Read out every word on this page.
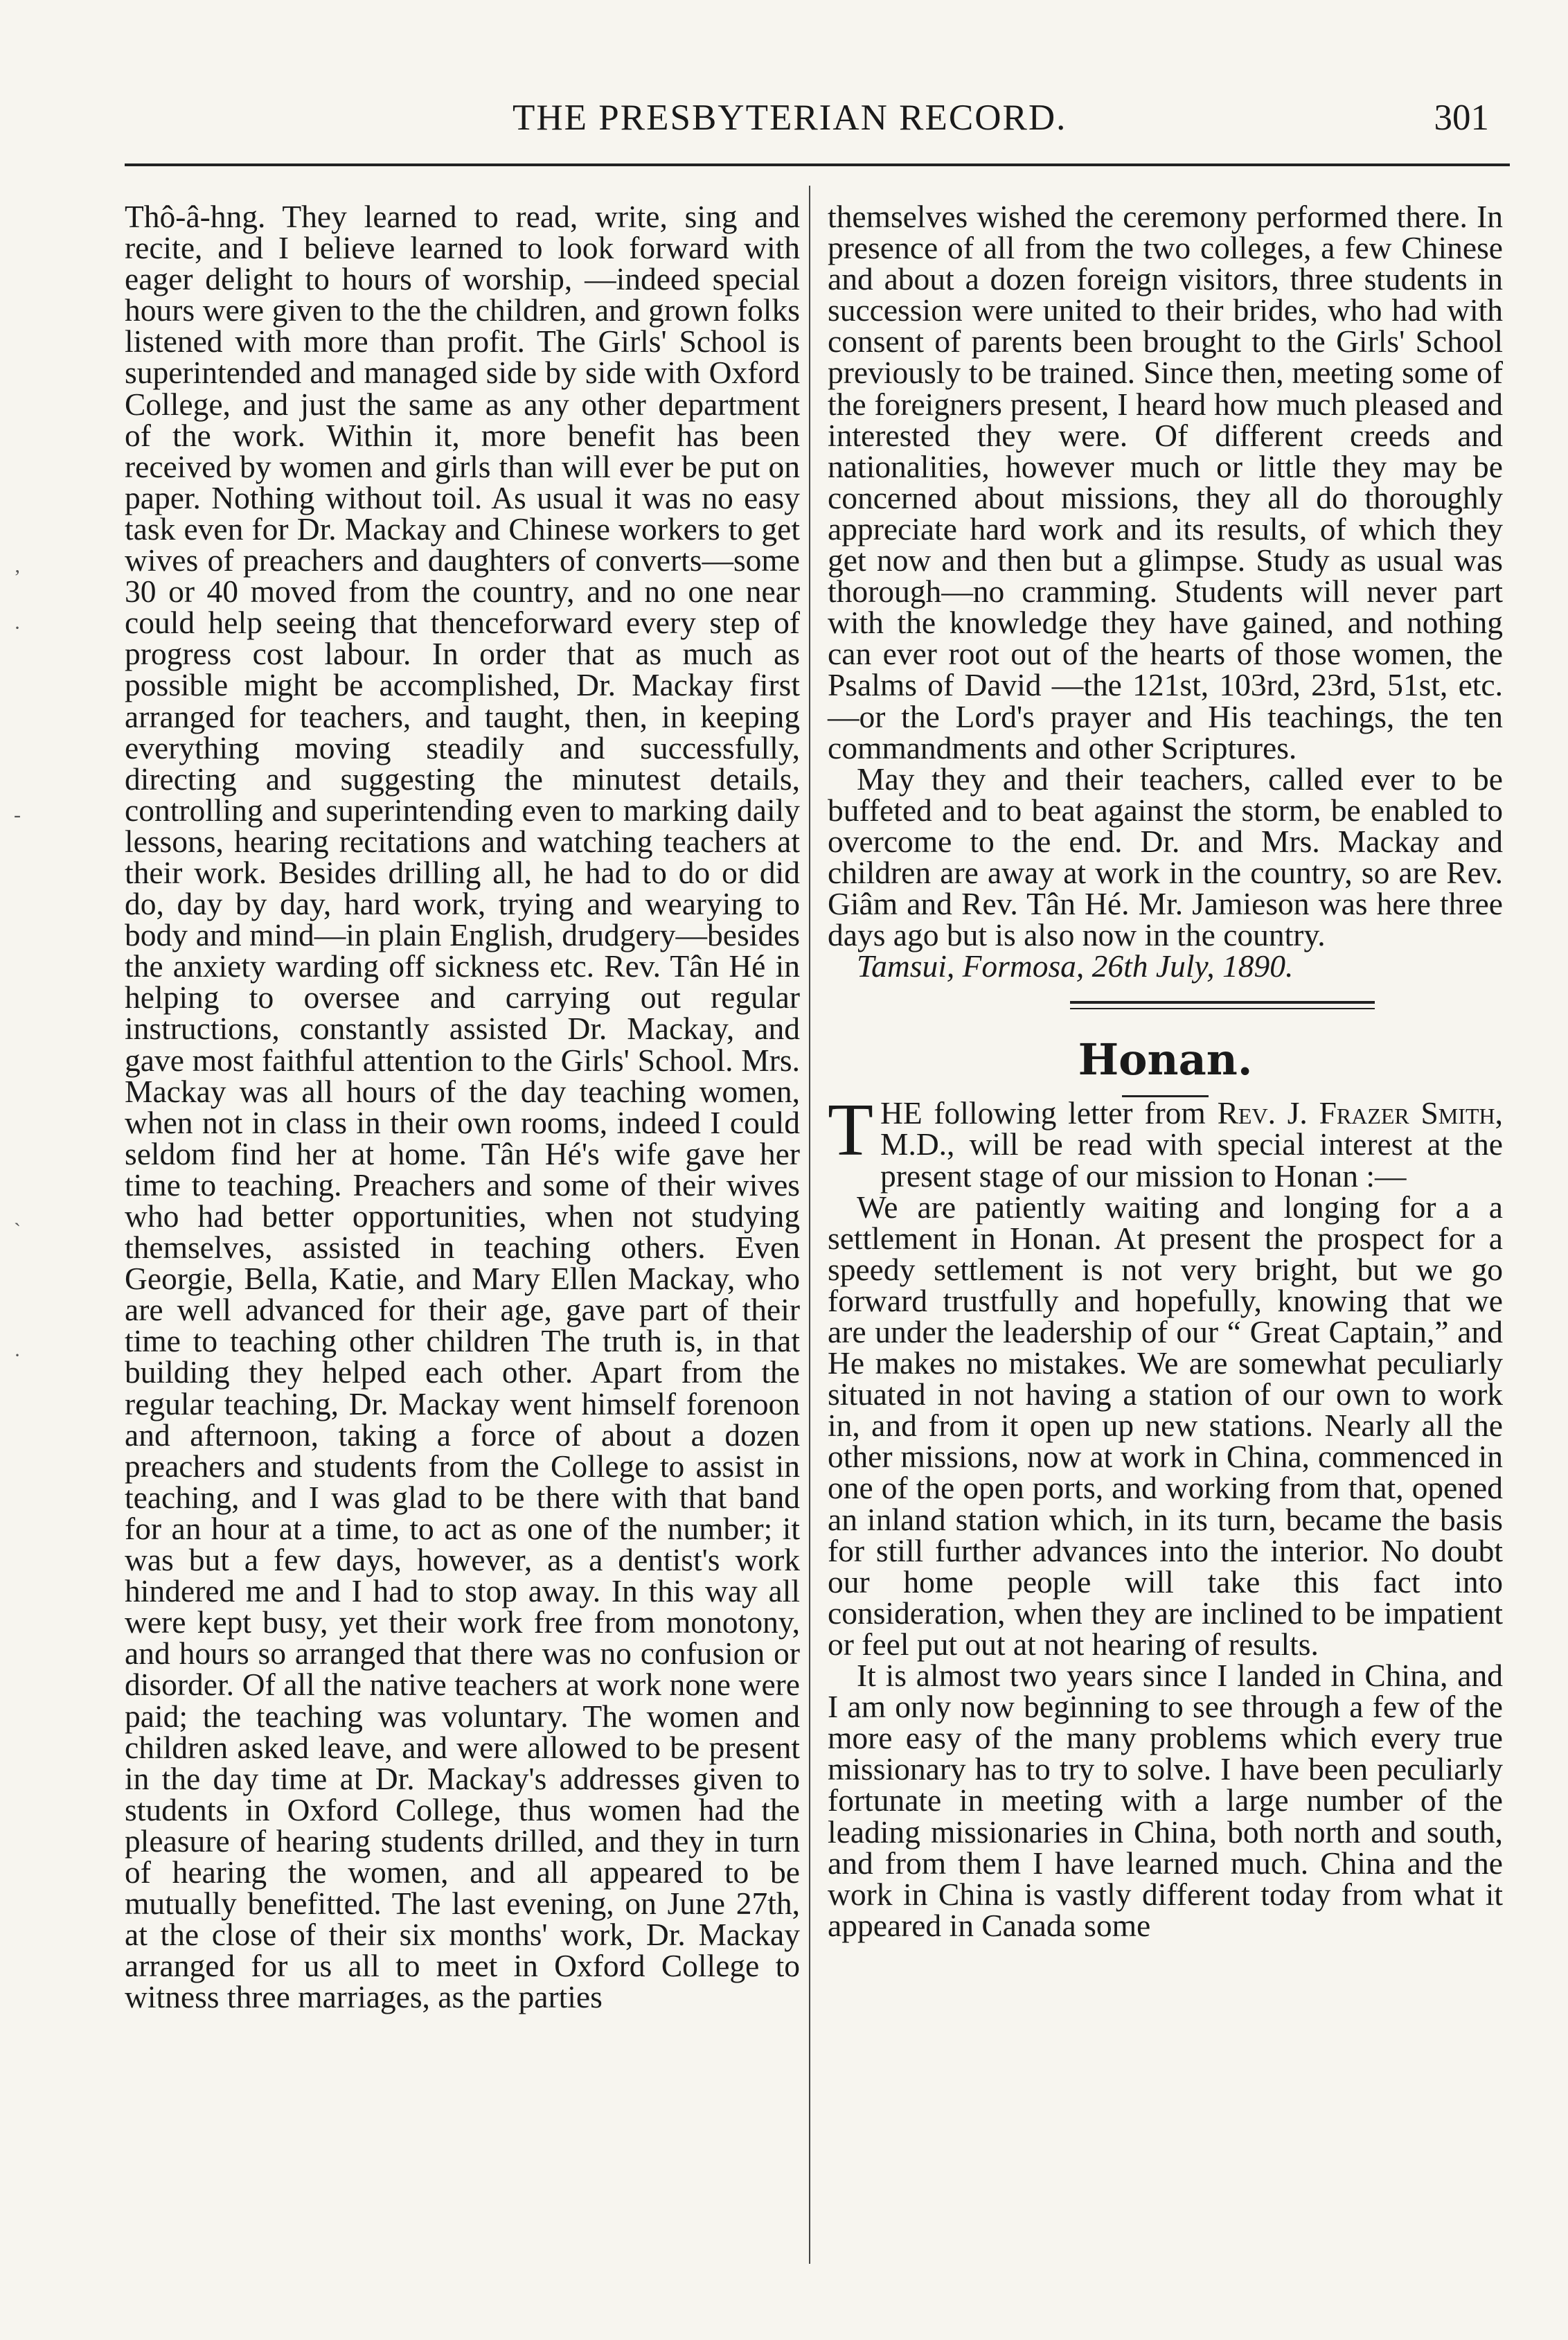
THE PRESBYTERIAN RECORD.	301
‚
·
-
`
·

Thô-â-hng. They learned to read, write, sing and recite, and I believe learned to look forward with eager delight to hours of worship, —indeed special hours were given to the the children, and grown folks listened with more than profit. The Girls' School is superintended and managed side by side with Oxford College, and just the same as any other department of the work. Within it, more benefit has been received by women and girls than will ever be put on paper. Nothing without toil. As usual it was no easy task even for Dr. Mackay and Chinese workers to get wives of preachers and daughters of converts—some 30 or 40 moved from the country, and no one near could help seeing that thenceforward every step of progress cost labour. In order that as much as possible might be accomplished, Dr. Mackay first arranged for teachers, and taught, then, in keeping everything moving steadily and successfully, directing and suggesting the minutest details, controlling and superintending even to marking daily lessons, hearing recitations and watching teachers at their work. Besides drilling all, he had to do or did do, day by day, hard work, trying and wearying to body and mind—in plain English, drudgery—besides the anxiety warding off sickness etc. Rev. Tân Hé in helping to oversee and carrying out regular instructions, constantly assisted Dr. Mackay, and gave most faithful attention to the Girls' School. Mrs. Mackay was all hours of the day teaching women, when not in class in their own rooms, indeed I could seldom find her at home. Tân Hé's wife gave her time to teaching. Preachers and some of their wives who had better opportunities, when not studying themselves, assisted in teaching others. Even Georgie, Bella, Katie, and Mary Ellen Mackay, who are well advanced for their age, gave part of their time to teaching other children The truth is, in that building they helped each other. Apart from the regular teaching, Dr. Mackay went himself forenoon and afternoon, taking a force of about a dozen preachers and students from the College to assist in teaching, and I was glad to be there with that band for an hour at a time, to act as one of the number; it was but a few days, however, as a dentist's work hindered me and I had to stop away. In this way all were kept busy, yet their work free from monotony, and hours so arranged that there was no confusion or disorder. Of all the native teachers at work none were paid; the teaching was voluntary. The women and children asked leave, and were allowed to be present in the day time at Dr. Mackay's addresses given to students in Oxford College, thus women had the pleasure of hearing students drilled, and they in turn of hearing the women, and all appeared to be mutually benefitted. The last evening, on June 27th, at the close of their six months' work, Dr. Mackay arranged for us all to meet in Oxford College to witness three marriages, as the parties

themselves wished the ceremony performed there. In presence of all from the two colleges, a few Chinese and about a dozen foreign visitors, three students in succession were united to their brides, who had with consent of parents been brought to the Girls' School previously to be trained. Since then, meeting some of the foreigners present, I heard how much pleased and interested they were. Of different creeds and nationalities, however much or little they may be concerned about missions, they all do thoroughly appreciate hard work and its results, of which they get now and then but a glimpse. Study as usual was thorough—no cramming. Students will never part with the knowledge they have gained, and nothing can ever root out of the hearts of those women, the Psalms of David —the 121st, 103rd, 23rd, 51st, etc.—or the Lord's prayer and His teachings, the ten commandments and other Scriptures.

May they and their teachers, called ever to be buffeted and to beat against the storm, be enabled to overcome to the end. Dr. and Mrs. Mackay and children are away at work in the country, so are Rev. Giâm and Rev. Tân Hé. Mr. Jamieson was here three days ago but is also now in the country.

Tamsui, Formosa, 26th July, 1890.

Honan.

THE following letter from Rev. J. Frazer Smith, M.D., will be read with special interest at the present stage of our mission to Honan :—

We are patiently waiting and longing for a a settlement in Honan. At present the prospect for a speedy settlement is not very bright, but we go forward trustfully and hopefully, knowing that we are under the leadership of our “ Great Captain,” and He makes no mistakes. We are somewhat peculiarly situated in not having a station of our own to work in, and from it open up new stations. Nearly all the other missions, now at work in China, commenced in one of the open ports, and working from that, opened an inland station which, in its turn, became the basis for still further advances into the interior. No doubt our home people will take this fact into consideration, when they are inclined to be impatient or feel put out at not hearing of results.

It is almost two years since I landed in China, and I am only now beginning to see through a few of the more easy of the many problems which every true missionary has to try to solve. I have been peculiarly fortunate in meeting with a large number of the leading missionaries in China, both north and south, and from them I have learned much. China and the work in China is vastly different today from what it appeared in Canada some
